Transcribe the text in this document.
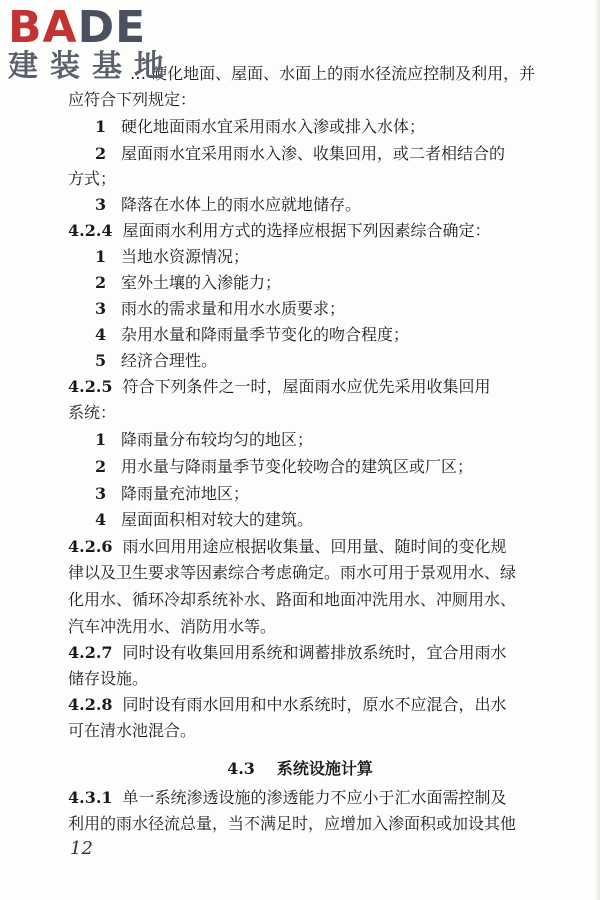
BADE
建装基地
… 硬化地面、屋面、水面上的雨水径流应控制及利用，并
应符合下列规定：
1 硬化地面雨水宜采用雨水入渗或排入水体；
2 屋面雨水宜采用雨水入渗、收集回用，或二者相结合的
方式；
3 降落在水体上的雨水应就地储存。
4.2.4 屋面雨水利用方式的选择应根据下列因素综合确定：
1 当地水资源情况；
2 室外土壤的入渗能力；
3 雨水的需求量和用水水质要求；
4 杂用水量和降雨量季节变化的吻合程度；
5 经济合理性。
4.2.5 符合下列条件之一时，屋面雨水应优先采用收集回用
系统：
1 降雨量分布较均匀的地区；
2 用水量与降雨量季节变化较吻合的建筑区或厂区；
3 降雨量充沛地区；
4 屋面面积相对较大的建筑。
4.2.6 雨水回用用途应根据收集量、回用量、随时间的变化规
律以及卫生要求等因素综合考虑确定。雨水可用于景观用水、绿
化用水、循环冷却系统补水、路面和地面冲洗用水、冲厕用水、
汽车冲洗用水、消防用水等。
4.2.7 同时设有收集回用系统和调蓄排放系统时，宜合用雨水
储存设施。
4.2.8 同时设有雨水回用和中水系统时，原水不应混合，出水
可在清水池混合。
4.3 系统设施计算
4.3.1 单一系统渗透设施的渗透能力不应小于汇水面需控制及
利用的雨水径流总量，当不满足时，应增加入渗面积或加设其他
12
